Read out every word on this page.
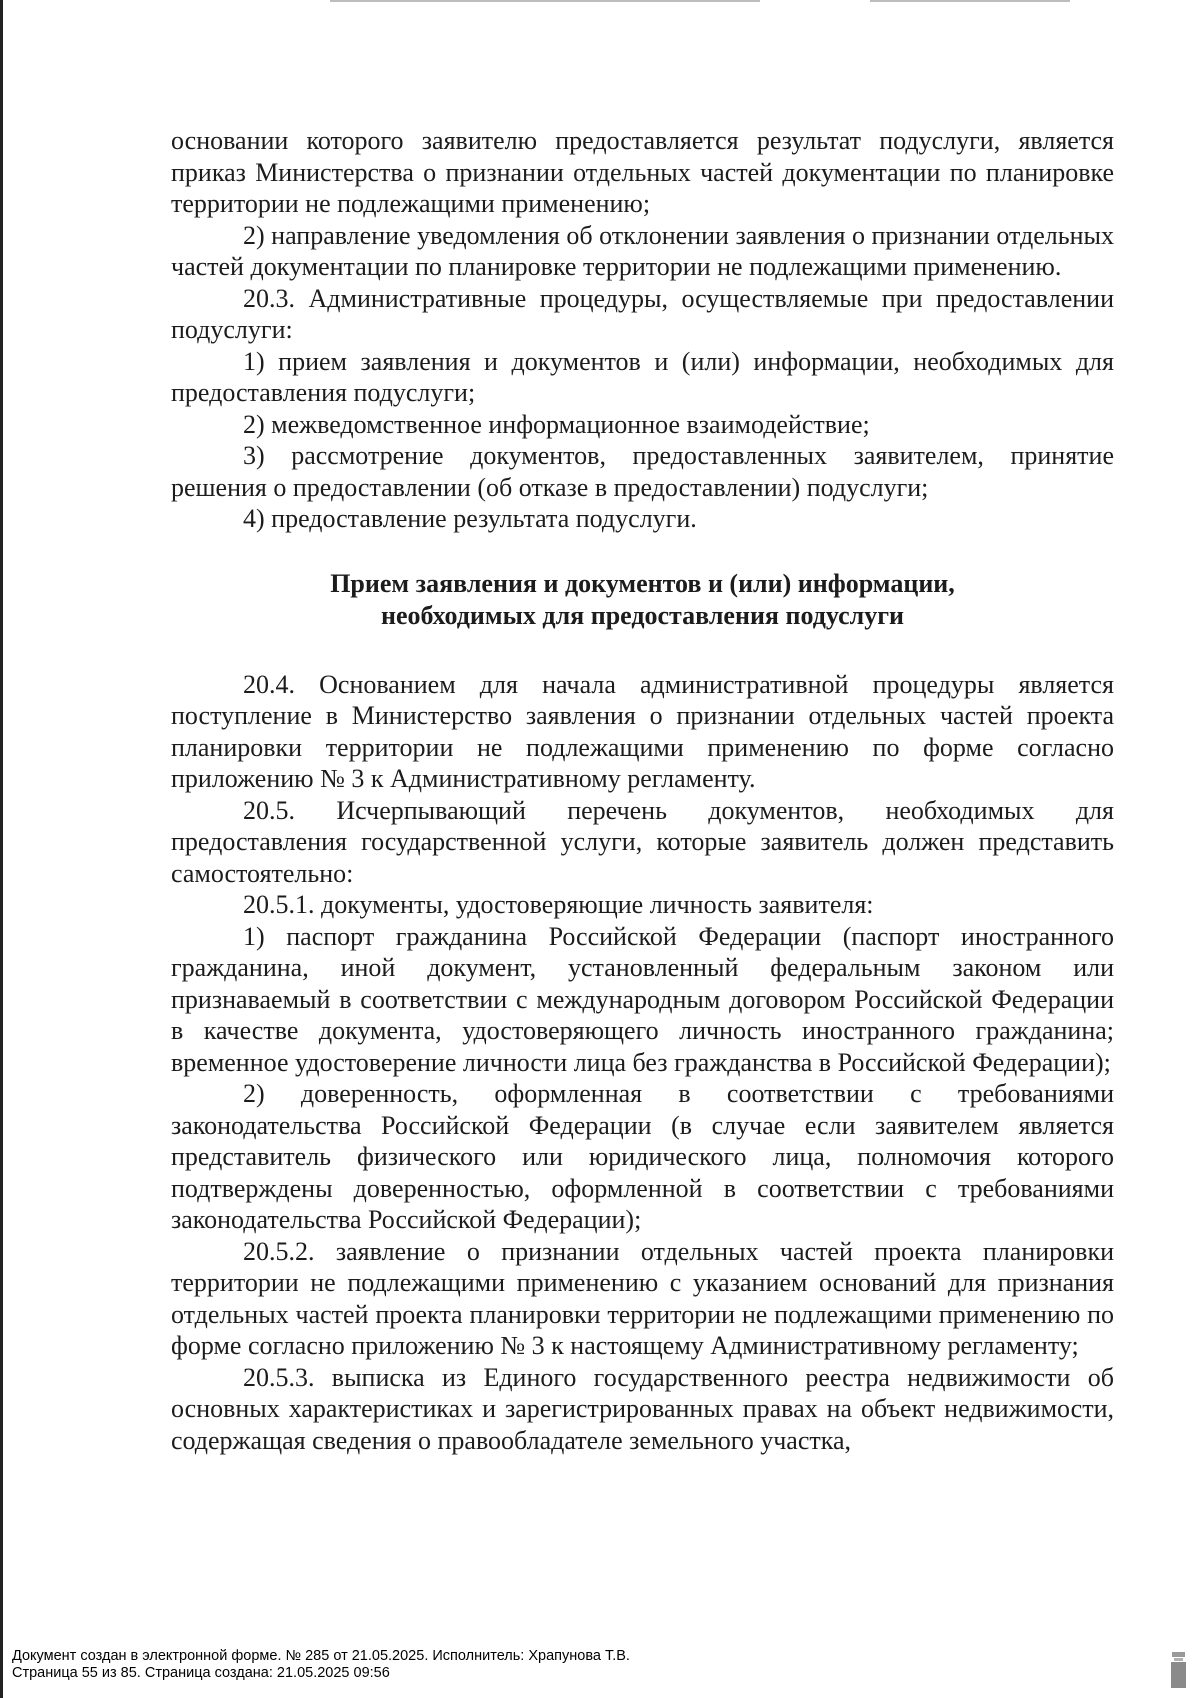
основании которого заявителю предоставляется результат подуслуги, является приказ Министерства о признании отдельных частей документации по планировке территории не подлежащими применению;

2) направление уведомления об отклонении заявления о признании отдельных частей документации по планировке территории не подлежащими применению.

20.3. Административные процедуры, осуществляемые при предоставлении подуслуги:

1) прием заявления и документов и (или) информации, необходимых для предоставления подуслуги;

2) межведомственное информационное взаимодействие;

3) рассмотрение документов, предоставленных заявителем, принятие решения о предоставлении (об отказе в предоставлении) подуслуги;

4) предоставление результата подуслуги.

Прием заявления и документов и (или) информации,
необходимых для предоставления подуслуги

20.4. Основанием для начала административной процедуры является поступление в Министерство заявления о признании отдельных частей проекта планировки территории не подлежащими применению по форме согласно приложению № 3 к Административному регламенту.

20.5. Исчерпывающий перечень документов, необходимых для предоставления государственной услуги, которые заявитель должен представить самостоятельно:

20.5.1. документы, удостоверяющие личность заявителя:

1) паспорт гражданина Российской Федерации (паспорт иностранного гражданина, иной документ, установленный федеральным законом или признаваемый в соответствии с международным договором Российской Федерации в качестве документа, удостоверяющего личность иностранного гражданина; временное удостоверение личности лица без гражданства в Российской Федерации);

2) доверенность, оформленная в соответствии с требованиями законодательства Российской Федерации (в случае если заявителем является представитель физического или юридического лица, полномочия которого подтверждены доверенностью, оформленной в соответствии с требованиями законодательства Российской Федерации);

20.5.2. заявление о признании отдельных частей проекта планировки территории не подлежащими применению с указанием оснований для признания отдельных частей проекта планировки территории не подлежащими применению по форме согласно приложению № 3 к настоящему Административному регламенту;

20.5.3. выписка из Единого государственного реестра недвижимости об основных характеристиках и зарегистрированных правах на объект недвижимости, содержащая сведения о правообладателе земельного участка,

Документ создан в электронной форме. № 285 от 21.05.2025. Исполнитель: Храпунова Т.В.
Страница 55 из 85. Страница создана: 21.05.2025 09:56
